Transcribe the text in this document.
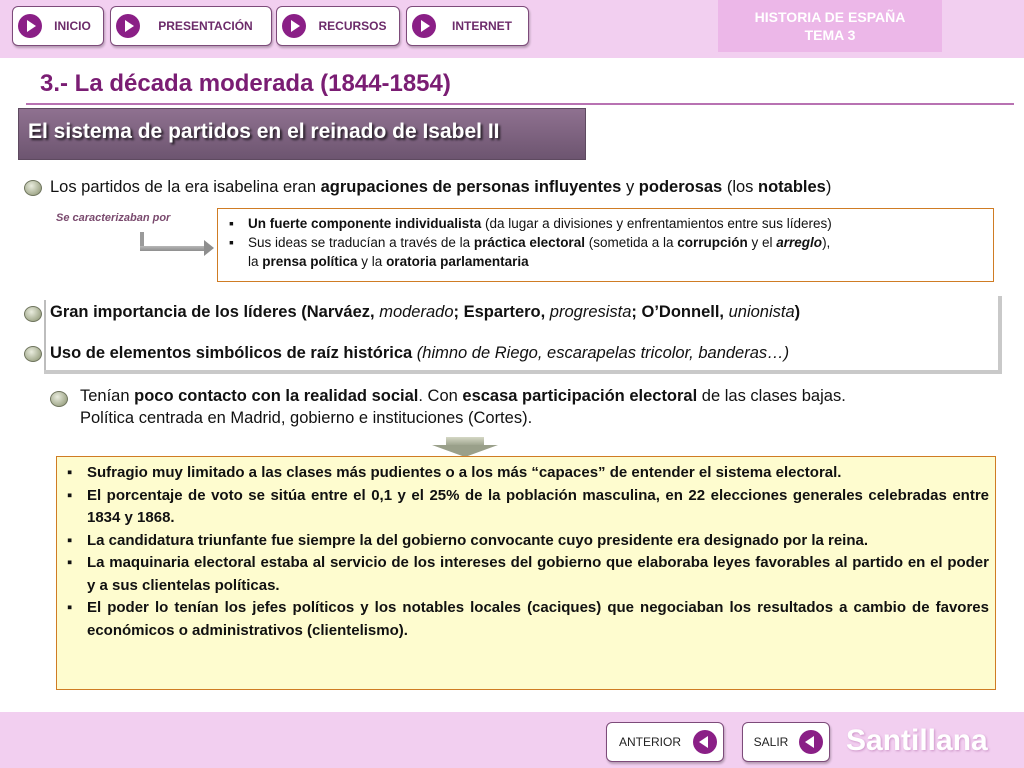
INICIO	PRESENTACIÓN	RECURSOS	INTERNET
HISTORIA DE ESPAÑA
TEMA 3
3.- La década moderada (1844-1854)
El sistema de partidos en el reinado de Isabel II
Los partidos de la era isabelina eran agrupaciones de personas influyentes y poderosas (los notables)
Se caracterizaban por
▪	Un fuerte componente individualista (da lugar a divisiones y enfrentamientos entre sus líderes)
▪ Sus ideas se traducían a través de la práctica electoral (sometida a la corrupción y el arreglo),
la prensa política y la oratoria parlamentaria
Gran importancia de los líderes (Narváez, moderado; Espartero, progresista; O’Donnell, unionista)
Uso de elementos simbólicos de raíz histórica (himno de Riego, escarapelas tricolor, banderas…)
Tenían poco contacto con la realidad social. Con escasa participación electoral de las clases bajas.
Política centrada en Madrid, gobierno e instituciones (Cortes).
▪ Sufragio muy limitado a las clases más pudientes o a los más “capaces” de entender el sistema electoral.
▪ El porcentaje de voto se sitúa entre el 0,1 y el 25% de la población masculina, en 22 elecciones generales celebradas entre 1834 y 1868.
▪ La candidatura triunfante fue siempre la del gobierno convocante cuyo presidente era designado por la reina.
▪ La maquinaria electoral estaba al servicio de los intereses del gobierno que elaboraba leyes favorables al partido en el poder y a sus clientelas políticas.
▪ El poder lo tenían los jefes políticos y los notables locales (caciques) que negociaban los resultados a cambio de favores económicos o administrativos (clientelismo).
ANTERIOR	SALIR	Santillana
